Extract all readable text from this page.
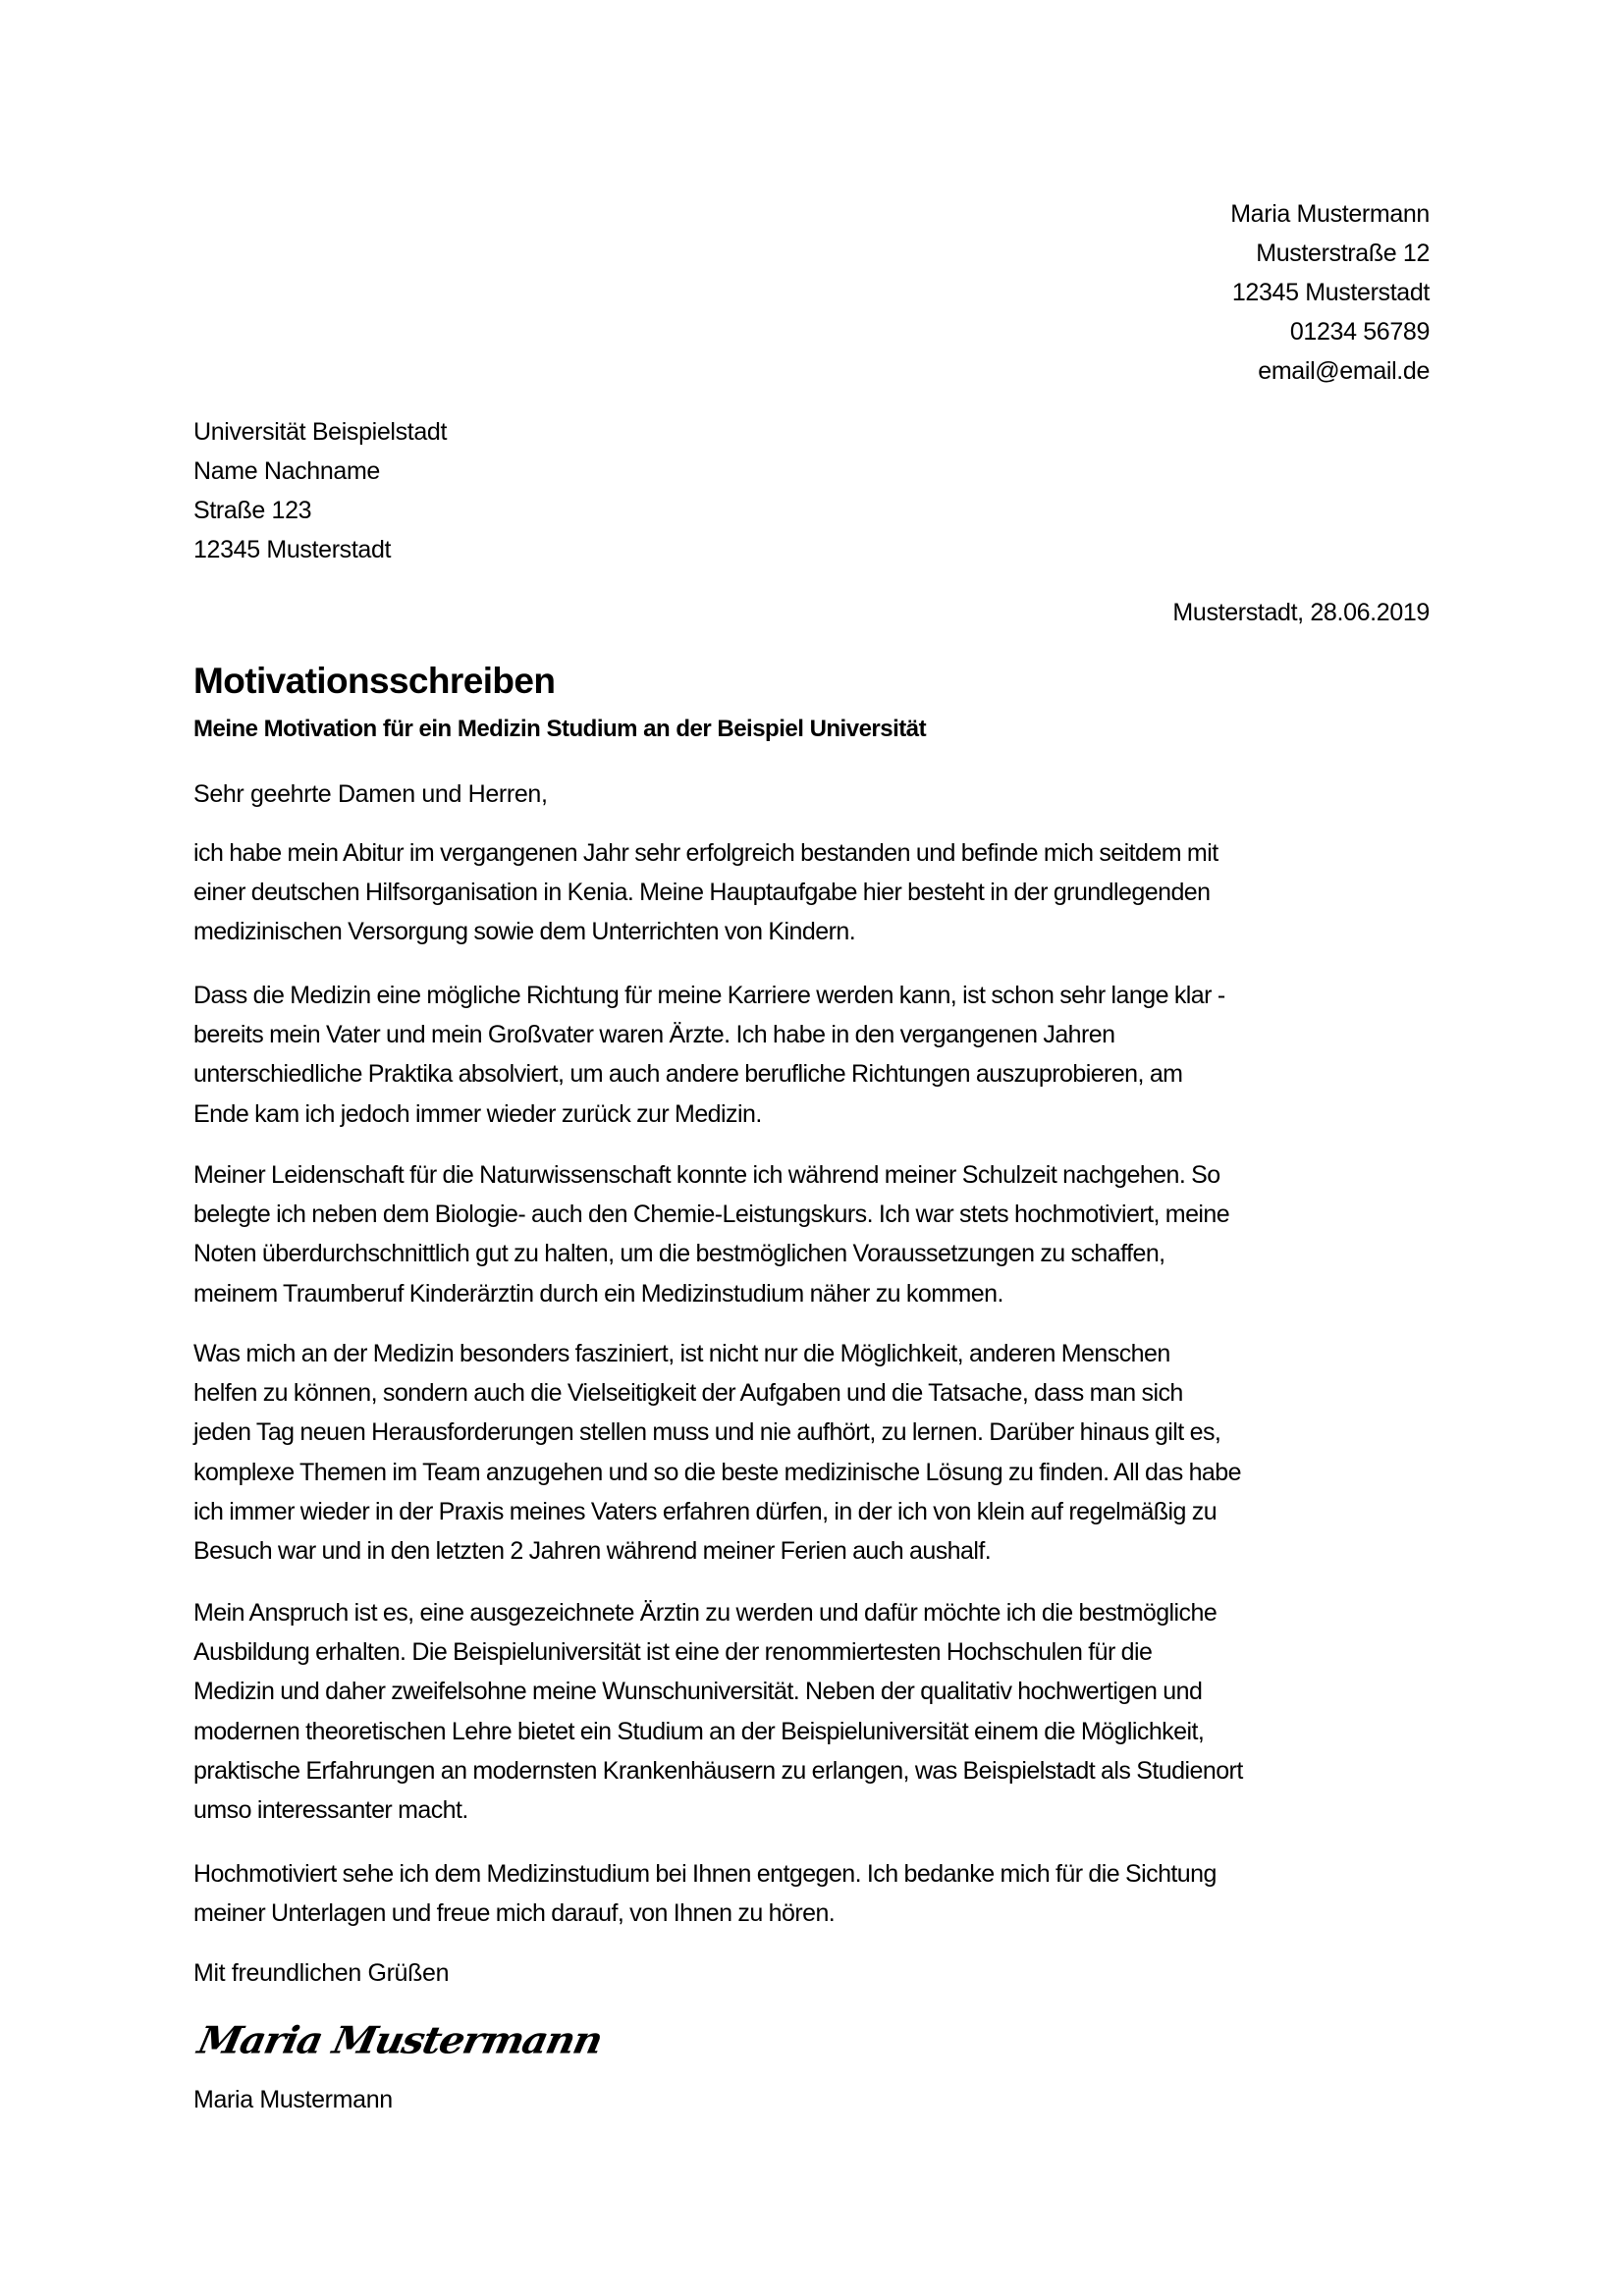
Maria Mustermann
Musterstraße 12
12345 Musterstadt
01234 56789
email@email.de
Universität Beispielstadt
Name Nachname
Straße 123
12345 Musterstadt
Musterstadt, 28.06.2019
Motivationsschreiben
Meine Motivation für ein Medizin Studium an der Beispiel Universität
Sehr geehrte Damen und Herren,
ich habe mein Abitur im vergangenen Jahr sehr erfolgreich bestanden und befinde mich seitdem mit
einer deutschen Hilfsorganisation in Kenia. Meine Hauptaufgabe hier besteht in der grundlegenden
medizinischen Versorgung sowie dem Unterrichten von Kindern.
Dass die Medizin eine mögliche Richtung für meine Karriere werden kann, ist schon sehr lange klar -
bereits mein Vater und mein Großvater waren Ärzte. Ich habe in den vergangenen Jahren
unterschiedliche Praktika absolviert, um auch andere berufliche Richtungen auszuprobieren, am
Ende kam ich jedoch immer wieder zurück zur Medizin.
Meiner Leidenschaft für die Naturwissenschaft konnte ich während meiner Schulzeit nachgehen. So
belegte ich neben dem Biologie- auch den Chemie-Leistungskurs. Ich war stets hochmotiviert, meine
Noten überdurchschnittlich gut zu halten, um die bestmöglichen Voraussetzungen zu schaffen,
meinem Traumberuf Kinderärztin durch ein Medizinstudium näher zu kommen.
Was mich an der Medizin besonders fasziniert, ist nicht nur die Möglichkeit, anderen Menschen
helfen zu können, sondern auch die Vielseitigkeit der Aufgaben und die Tatsache, dass man sich
jeden Tag neuen Herausforderungen stellen muss und nie aufhört, zu lernen. Darüber hinaus gilt es,
komplexe Themen im Team anzugehen und so die beste medizinische Lösung zu finden. All das habe
ich immer wieder in der Praxis meines Vaters erfahren dürfen, in der ich von klein auf regelmäßig zu
Besuch war und in den letzten 2 Jahren während meiner Ferien auch aushalf.
Mein Anspruch ist es, eine ausgezeichnete Ärztin zu werden und dafür möchte ich die bestmögliche
Ausbildung erhalten. Die Beispieluniversität ist eine der renommiertesten Hochschulen für die
Medizin und daher zweifelsohne meine Wunschuniversität. Neben der qualitativ hochwertigen und
modernen theoretischen Lehre bietet ein Studium an der Beispieluniversität einem die Möglichkeit,
praktische Erfahrungen an modernsten Krankenhäusern zu erlangen, was Beispielstadt als Studienort
umso interessanter macht.
Hochmotiviert sehe ich dem Medizinstudium bei Ihnen entgegen. Ich bedanke mich für die Sichtung
meiner Unterlagen und freue mich darauf, von Ihnen zu hören.
Mit freundlichen Grüßen
Maria Mustermann
Maria Mustermann
